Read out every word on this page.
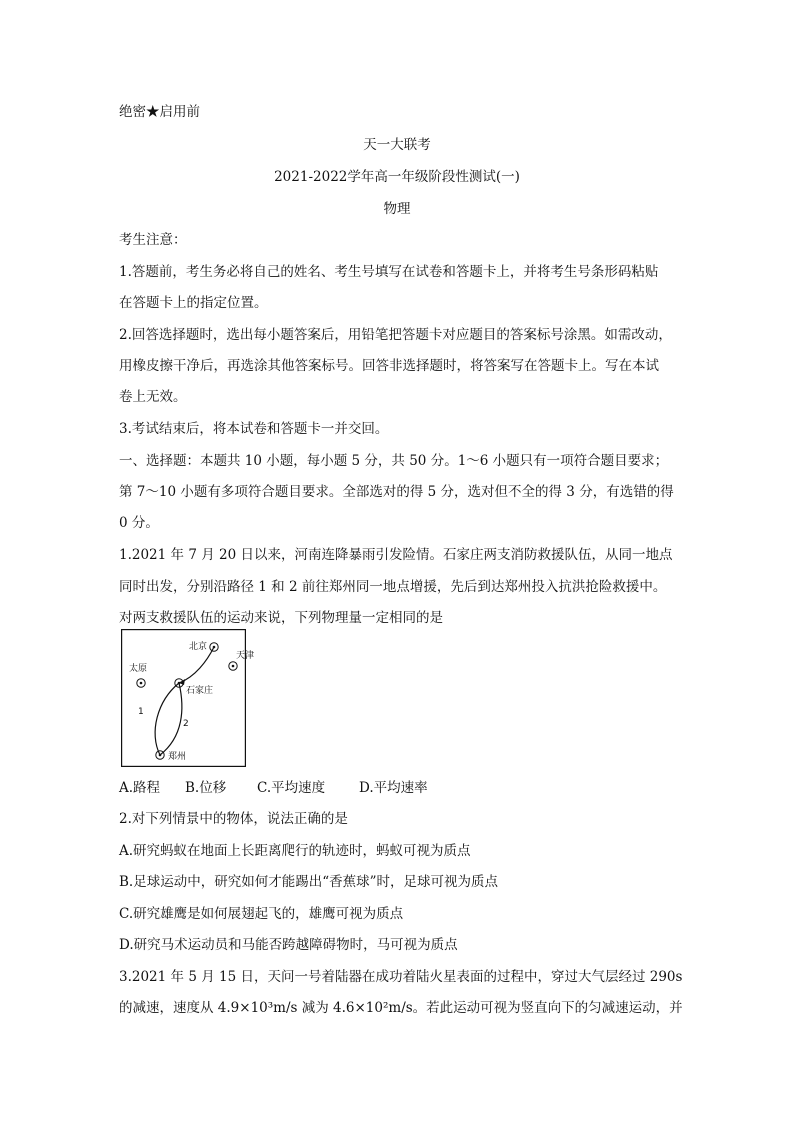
绝密★启用前
天一大联考
2021-2022学年高一年级阶段性测试(一)
物理
考生注意：
1.答题前，考生务必将自己的姓名、考生号填写在试卷和答题卡上，并将考生号条形码粘贴
在答题卡上的指定位置。
2.回答选择题时，选出每小题答案后，用铅笔把答题卡对应题目的答案标号涂黑。如需改动，
用橡皮擦干净后，再选涂其他答案标号。回答非选择题时，将答案写在答题卡上。写在本试
卷上无效。
3.考试结束后，将本试卷和答题卡一并交回。
一、选择题：本题共 10 小题，每小题 5 分，共 50 分。1～6 小题只有一项符合题目要求；
第 7～10 小题有多项符合题目要求。全部选对的得 5 分，选对但不全的得 3 分，有选错的得
0 分。
1.2021 年 7 月 20 日以来，河南连降暴雨引发险情。石家庄两支消防救援队伍，从同一地点
同时出发，分别沿路径 1 和 2 前往郑州同一地点增援，先后到达郑州投入抗洪抢险救援中。
对两支救援队伍的运动来说，下列物理量一定相同的是
北京
天津
太原
石家庄
郑州
1
2
A.路程 B.位移 C.平均速度	D.平均速率
2.对下列情景中的物体，说法正确的是
A.研究蚂蚁在地面上长距离爬行的轨迹时，蚂蚁可视为质点
B.足球运动中，研究如何才能踢出“香蕉球”时，足球可视为质点
C.研究雄鹰是如何展翅起飞的，雄鹰可视为质点
D.研究马术运动员和马能否跨越障碍物时，马可视为质点
3.2021 年 5 月 15 日，天问一号着陆器在成功着陆火星表面的过程中，穿过大气层经过 290s
的减速，速度从 4.9×10³m/s 减为 4.6×10²m/s。若此运动可视为竖直向下的匀减速运动，并
